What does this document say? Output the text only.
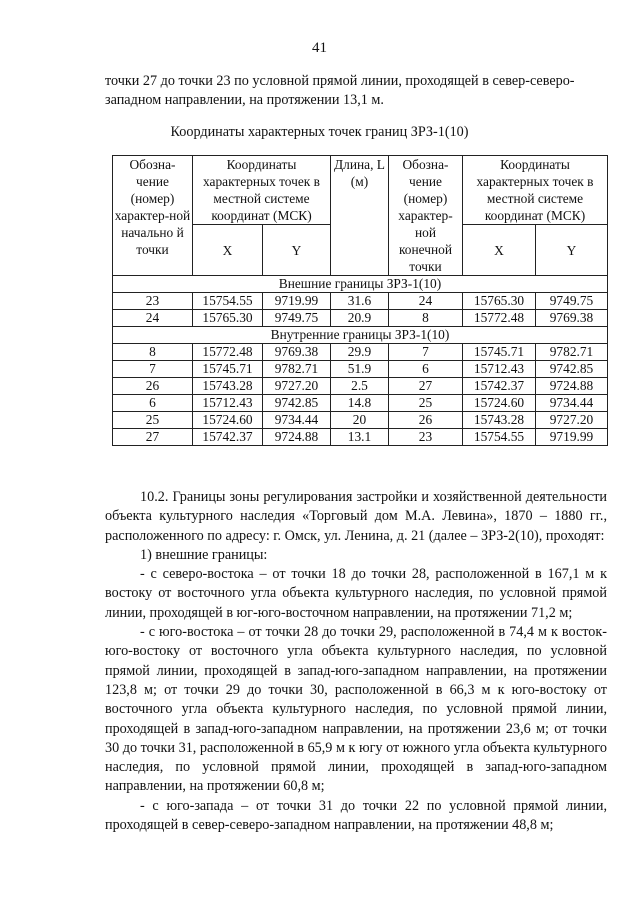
41
точки 27 до точки 23 по условной прямой линии, проходящей в север-северо-западном направлении, на протяжении 13,1 м.
Координаты характерных точек границ ЗРЗ-1(10)
Обозна-чение (номер) характер-ной начально й точки	Координаты характерных точек в местной системе координат (МСК)		Длина, L (м)	Обозна-чение (номер) характер-ной конечной точки	Координаты характерных точек в местной системе координат (МСК)	
	X	Y			X	Y
Внешние границы ЗРЗ-1(10)						
23	15754.55	9719.99	31.6	24	15765.30	9749.75
24	15765.30	9749.75	20.9	8	15772.48	9769.38
Внутренние границы ЗРЗ-1(10)						
8	15772.48	9769.38	29.9	7	15745.71	9782.71
7	15745.71	9782.71	51.9	6	15712.43	9742.85
26	15743.28	9727.20	2.5	27	15742.37	9724.88
6	15712.43	9742.85	14.8	25	15724.60	9734.44
25	15724.60	9734.44	20	26	15743.28	9727.20
27	15742.37	9724.88	13.1	23	15754.55	9719.99

10.2. Границы зоны регулирования застройки и хозяйственной деятельности объекта культурного наследия «Торговый дом М.А. Левина», 1870 – 1880 гг., расположенного по адресу: г. Омск, ул. Ленина, д. 21 (далее – ЗРЗ-2(10), проходят:

1) внешние границы:

- с северо-востока – от точки 18 до точки 28, расположенной в 167,1 м к востоку от восточного угла объекта культурного наследия, по условной прямой линии, проходящей в юг-юго-восточном направлении, на протяжении 71,2 м;

- с юго-востока – от точки 28 до точки 29, расположенной в 74,4 м к восток-юго-востоку от восточного угла объекта культурного наследия, по условной прямой линии, проходящей в запад-юго-западном направлении, на протяжении 123,8 м; от точки 29 до точки 30, расположенной в 66,3 м к юго-востоку от восточного угла объекта культурного наследия, по условной прямой линии, проходящей в запад-юго-западном направлении, на протяжении 23,6 м; от точки 30 до точки 31, расположенной в 65,9 м к югу от южного угла объекта культурного наследия, по условной прямой линии, проходящей в запад-юго-западном направлении, на протяжении 60,8 м;

- с юго-запада – от точки 31 до точки 22 по условной прямой линии, проходящей в север-северо-западном направлении, на протяжении 48,8 м;
